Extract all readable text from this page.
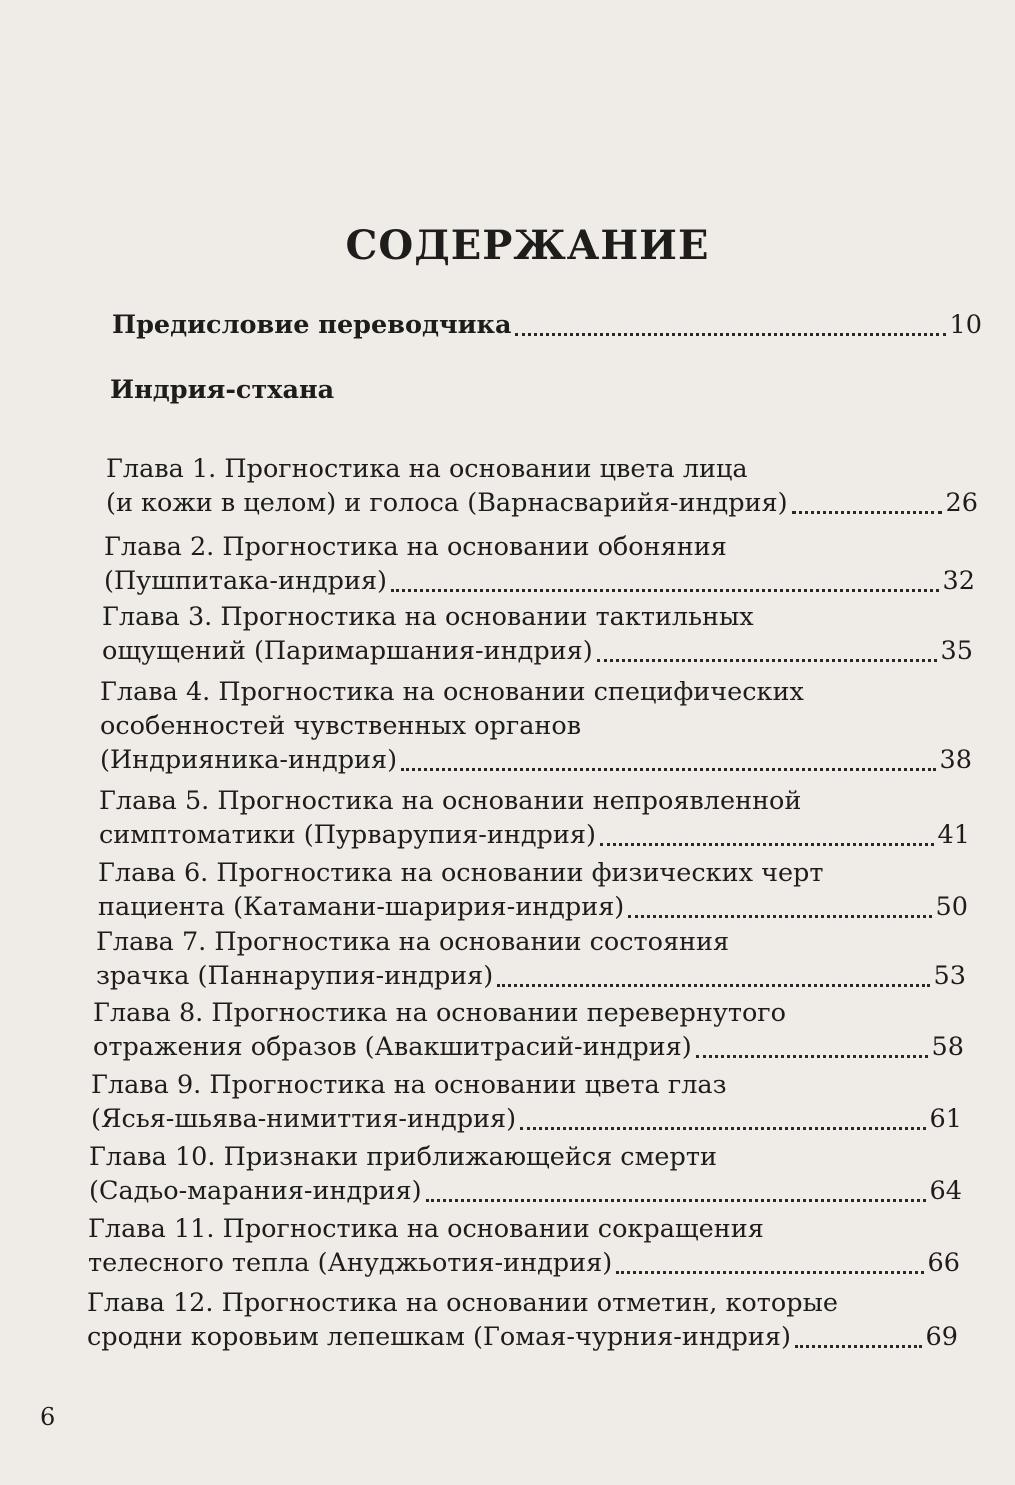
СОДЕРЖАНИЕ
Предисловие переводчика	10
Индрия-стхана
Глава 1. Прогностика на основании цвета лица
(и кожи в целом) и голоса (Варнасварийя-индрия)	26
Глава 2. Прогностика на основании обоняния
(Пушпитака-индрия)	32
Глава 3. Прогностика на основании тактильных
ощущений (Паримаршания-индрия)	35
Глава 4. Прогностика на основании специфических
особенностей чувственных органов
(Индрияника-индрия)	38
Глава 5. Прогностика на основании непроявленной
симптоматики (Пурварупия-индрия)	41
Глава 6. Прогностика на основании физических черт
пациента (Катамани-шаририя-индрия)	50
Глава 7. Прогностика на основании состояния
зрачка (Паннарупия-индрия)	53
Глава 8. Прогностика на основании перевернутого
отражения образов (Авакшитрасий-индрия)	58
Глава 9. Прогностика на основании цвета глаз
(Ясья-шьява-нимиттия-индрия)	61
Глава 10. Признаки приближающейся смерти
(Садьо-марания-индрия)	64
Глава 11. Прогностика на основании сокращения
телесного тепла (Ануджьотия-индрия)	66
Глава 12. Прогностика на основании отметин, которые
сродни коровьим лепешкам (Гомая-чурния-индрия)	69
6
